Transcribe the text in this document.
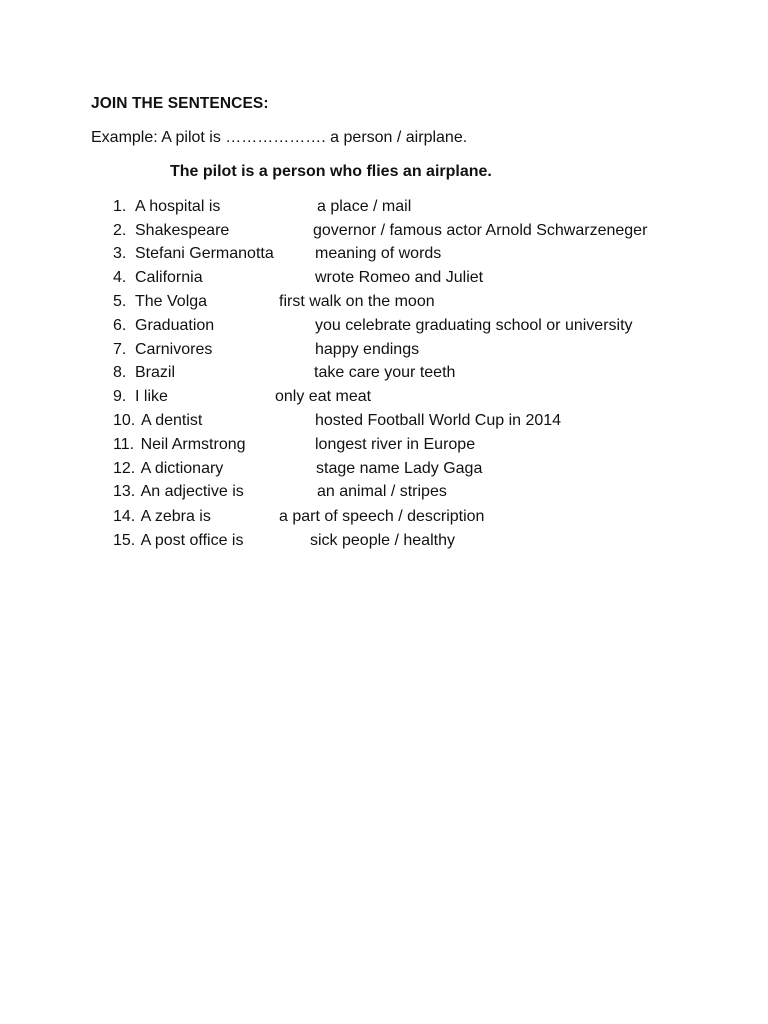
JOIN THE SENTENCES:
Example: A pilot is ………………. a person / airplane.
The pilot is a person who flies an airplane.
1. A hospital is	a place / mail
2. Shakespeare	governor / famous actor Arnold Schwarzeneger
3. Stefani Germanotta	meaning of words
4. California	wrote Romeo and Juliet
5. The Volga	first walk on the moon
6. Graduation	you celebrate graduating school or university
7. Carnivores	happy endings
8. Brazil	take care your teeth
9. I like	only eat meat
10. A dentist	hosted Football World Cup in 2014
11. Neil Armstrong	longest river in Europe
12. A dictionary	stage name Lady Gaga
13. An adjective is	an animal / stripes
14. A zebra is	a part of speech / description
15. A post office is	sick people / healthy
